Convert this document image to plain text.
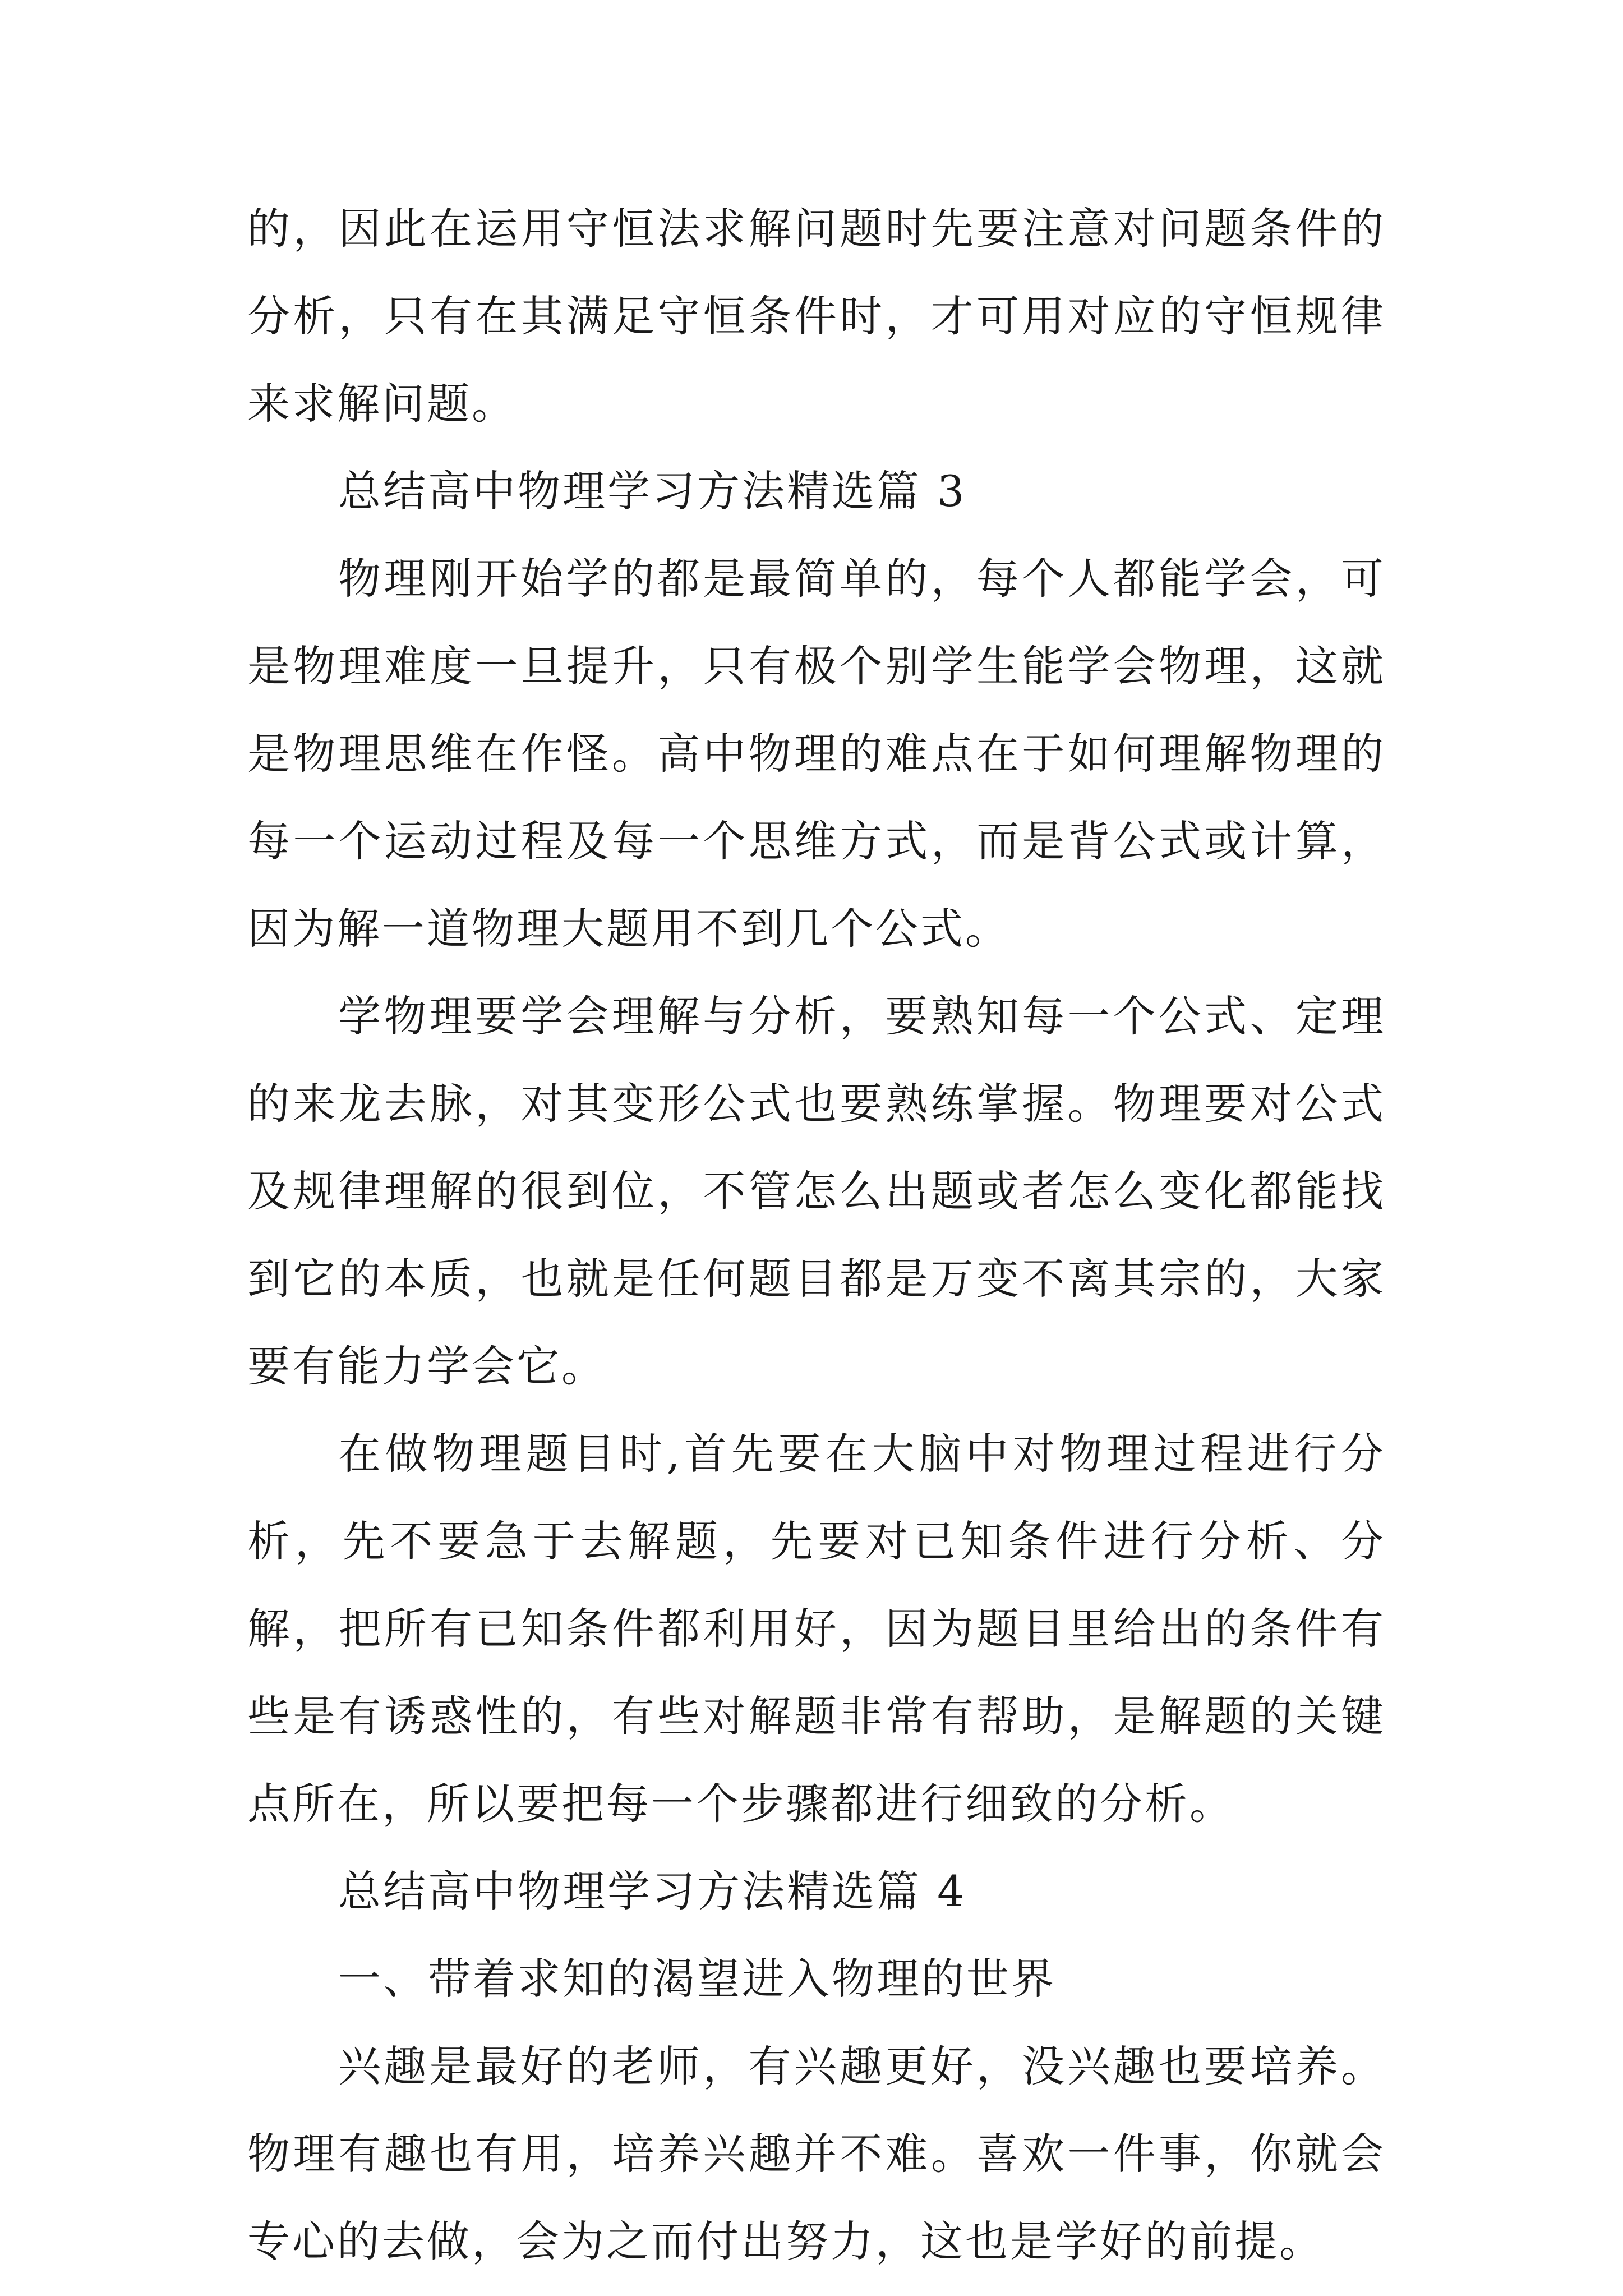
的，因此在运用守恒法求解问题时先要注意对问题条件的分析，只有在其满足守恒条件时，才可用对应的守恒规律来求解问题。

总结高中物理学习方法精选篇 3

物理刚开始学的都是最简单的，每个人都能学会，可是物理难度一旦提升，只有极个别学生能学会物理，这就是物理思维在作怪。高中物理的难点在于如何理解物理的每一个运动过程及每一个思维方式，而是背公式或计算，因为解一道物理大题用不到几个公式。

学物理要学会理解与分析，要熟知每一个公式、定理的来龙去脉，对其变形公式也要熟练掌握。物理要对公式及规律理解的很到位，不管怎么出题或者怎么变化都能找到它的本质，也就是任何题目都是万变不离其宗的，大家要有能力学会它。

在做物理题目时,首先要在大脑中对物理过程进行分析，先不要急于去解题，先要对已知条件进行分析、分解，把所有已知条件都利用好，因为题目里给出的条件有些是有诱惑性的，有些对解题非常有帮助，是解题的关键点所在，所以要把每一个步骤都进行细致的分析。

总结高中物理学习方法精选篇 4

一、带着求知的渴望进入物理的世界

兴趣是最好的老师，有兴趣更好，没兴趣也要培养。物理有趣也有用，培养兴趣并不难。喜欢一件事，你就会专心的去做，会为之而付出努力，这也是学好的前提。
